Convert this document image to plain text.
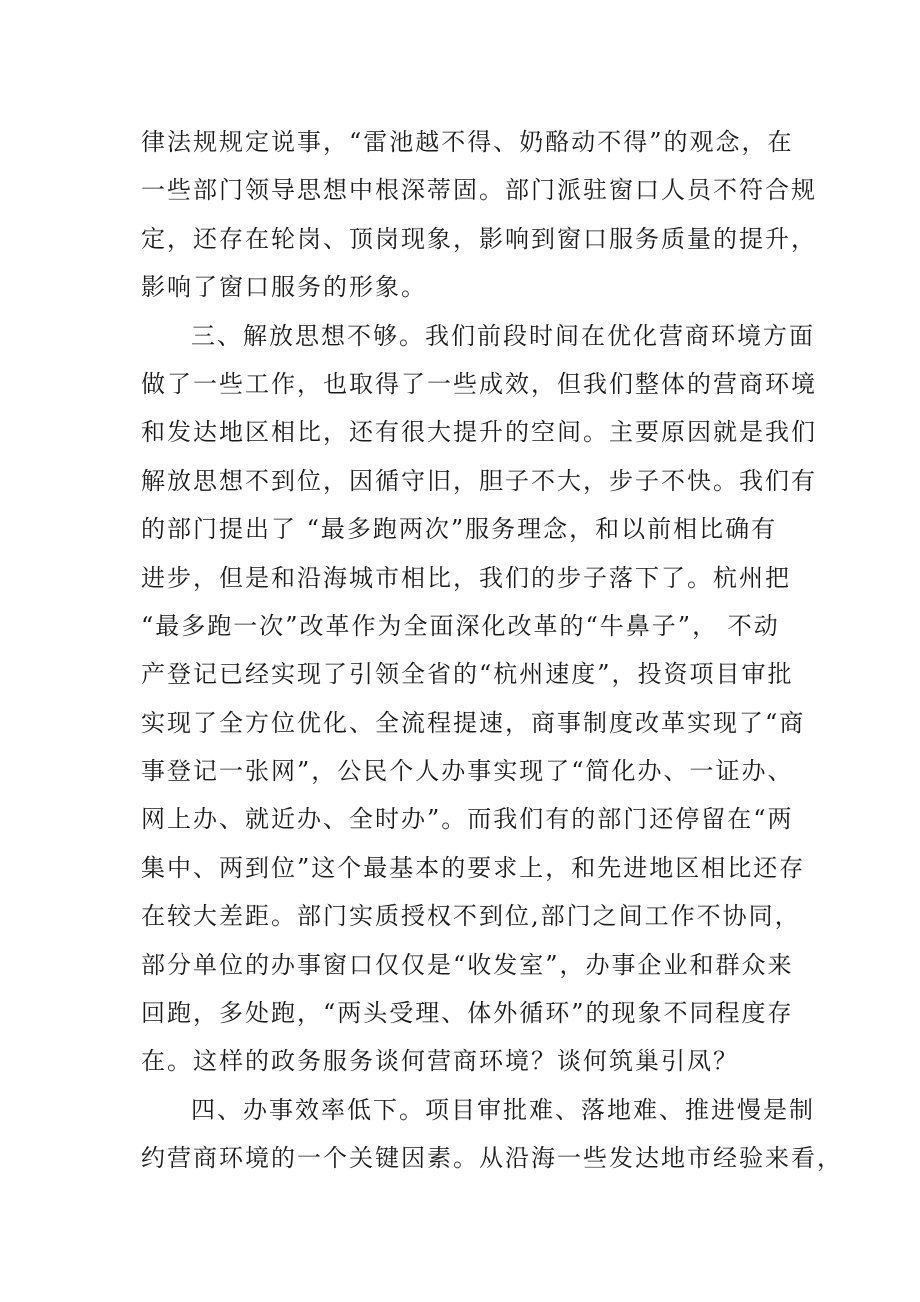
律法规规定说事，“雷池越不得、奶酪动不得”的观念，在
一些部门领导思想中根深蒂固。部门派驻窗口人员不符合规
定，还存在轮岗、顶岗现象，影响到窗口服务质量的提升，
影响了窗口服务的形象。
三、解放思想不够。我们前段时间在优化营商环境方面
做了一些工作，也取得了一些成效，但我们整体的营商环境
和发达地区相比，还有很大提升的空间。主要原因就是我们
解放思想不到位，因循守旧，胆子不大，步子不快。我们有
的部门提出了 “最多跑两次”服务理念，和以前相比确有
进步，但是和沿海城市相比，我们的步子落下了。杭州把
“最多跑一次”改革作为全面深化改革的“牛鼻子”， 不动
产登记已经实现了引领全省的“杭州速度”，投资项目审批
实现了全方位优化、全流程提速，商事制度改革实现了“商
事登记一张网”，公民个人办事实现了“简化办、一证办、
网上办、就近办、全时办”。而我们有的部门还停留在“两
集中、两到位”这个最基本的要求上，和先进地区相比还存
在较大差距。部门实质授权不到位,部门之间工作不协同，
部分单位的办事窗口仅仅是“收发室”，办事企业和群众来
回跑，多处跑，“两头受理、体外循环”的现象不同程度存
在。这样的政务服务谈何营商环境？谈何筑巢引凤？
四、办事效率低下。项目审批难、落地难、推进慢是制
约营商环境的一个关键因素。从沿海一些发达地市经验来看，
